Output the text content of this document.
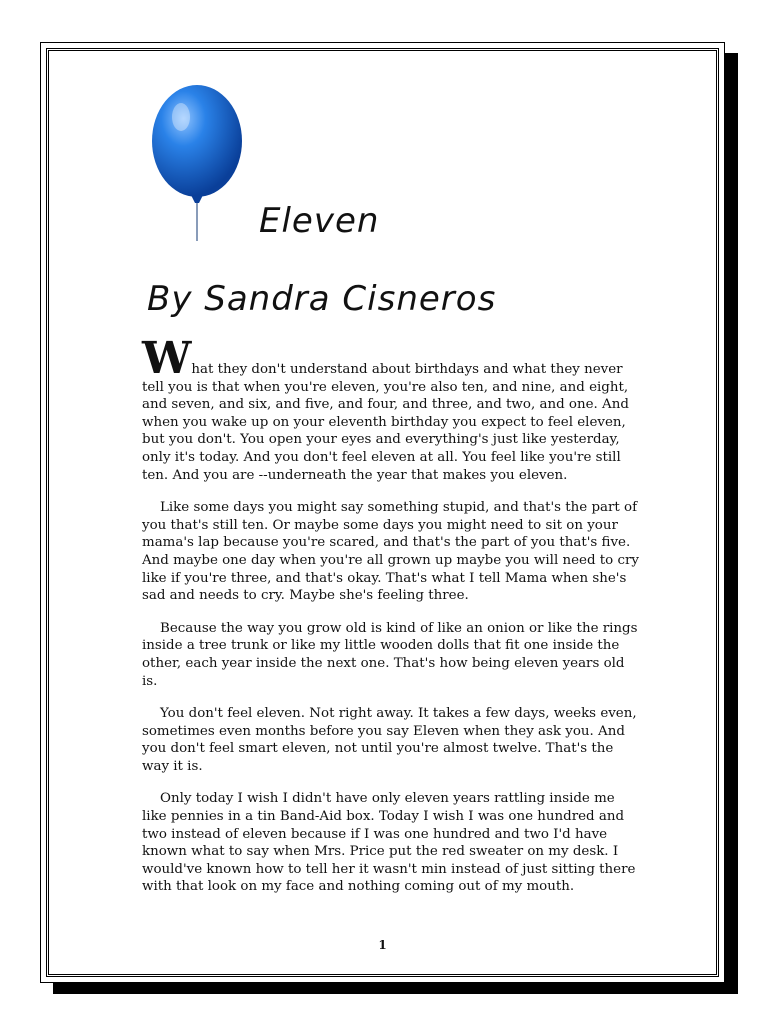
Eleven
By Sandra Cisneros

What they don't understand about birthdays and what they never tell you is that when you're eleven, you're also ten, and nine, and eight, and seven, and six, and five, and four, and three, and two, and one. And when you wake up on your eleventh birthday you expect to feel eleven, but you don't. You open your eyes and everything's just like yesterday, only it's today. And you don't feel eleven at all. You feel like you're still ten. And you are --underneath the year that makes you eleven.

Like some days you might say something stupid, and that's the part of you that's still ten. Or maybe some days you might need to sit on your mama's lap because you're scared, and that's the part of you that's five. And maybe one day when you're all grown up maybe you will need to cry like if you're three, and that's okay. That's what I tell Mama when she's sad and needs to cry. Maybe she's feeling three.

Because the way you grow old is kind of like an onion or like the rings inside a tree trunk or like my little wooden dolls that fit one inside the other, each year inside the next one. That's how being eleven years old is.

You don't feel eleven. Not right away. It takes a few days, weeks even, sometimes even months before you say Eleven when they ask you. And you don't feel smart eleven, not until you're almost twelve. That's the way it is.

Only today I wish I didn't have only eleven years rattling inside me like pennies in a tin Band-Aid box. Today I wish I was one hundred and two instead of eleven because if I was one hundred and two I'd have known what to say when Mrs. Price put the red sweater on my desk. I would've known how to tell her it wasn't min instead of just sitting there with that look on my face and nothing coming out of my mouth.

1
